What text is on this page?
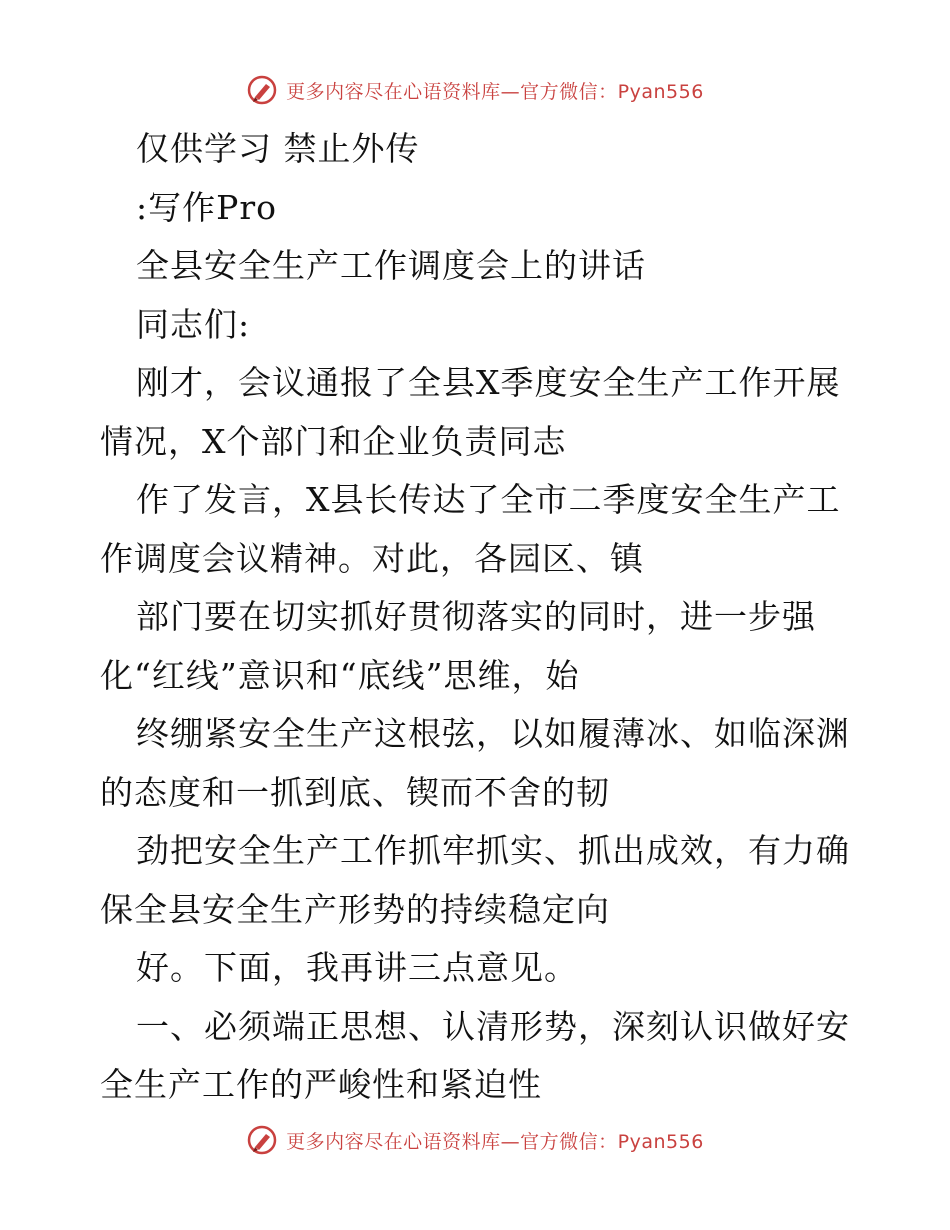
更多内容尽在心语资料库—官方微信：Pyan556
仅供学习 禁止外传
:写作Pro
全县安全生产工作调度会上的讲话
同志们:
刚才，会议通报了全县X季度安全生产工作开展
情况，X个部门和企业负责同志
作了发言，X县长传达了全市二季度安全生产工
作调度会议精神。对此，各园区、镇
部门要在切实抓好贯彻落实的同时，进一步强
化“红线”意识和“底线”思维，始
终绷紧安全生产这根弦，以如履薄冰、如临深渊
的态度和一抓到底、锲而不舍的韧
劲把安全生产工作抓牢抓实、抓出成效，有力确
保全县安全生产形势的持续稳定向
好。下面，我再讲三点意见。
一、必须端正思想、认清形势，深刻认识做好安
全生产工作的严峻性和紧迫性
更多内容尽在心语资料库—官方微信：Pyan556
